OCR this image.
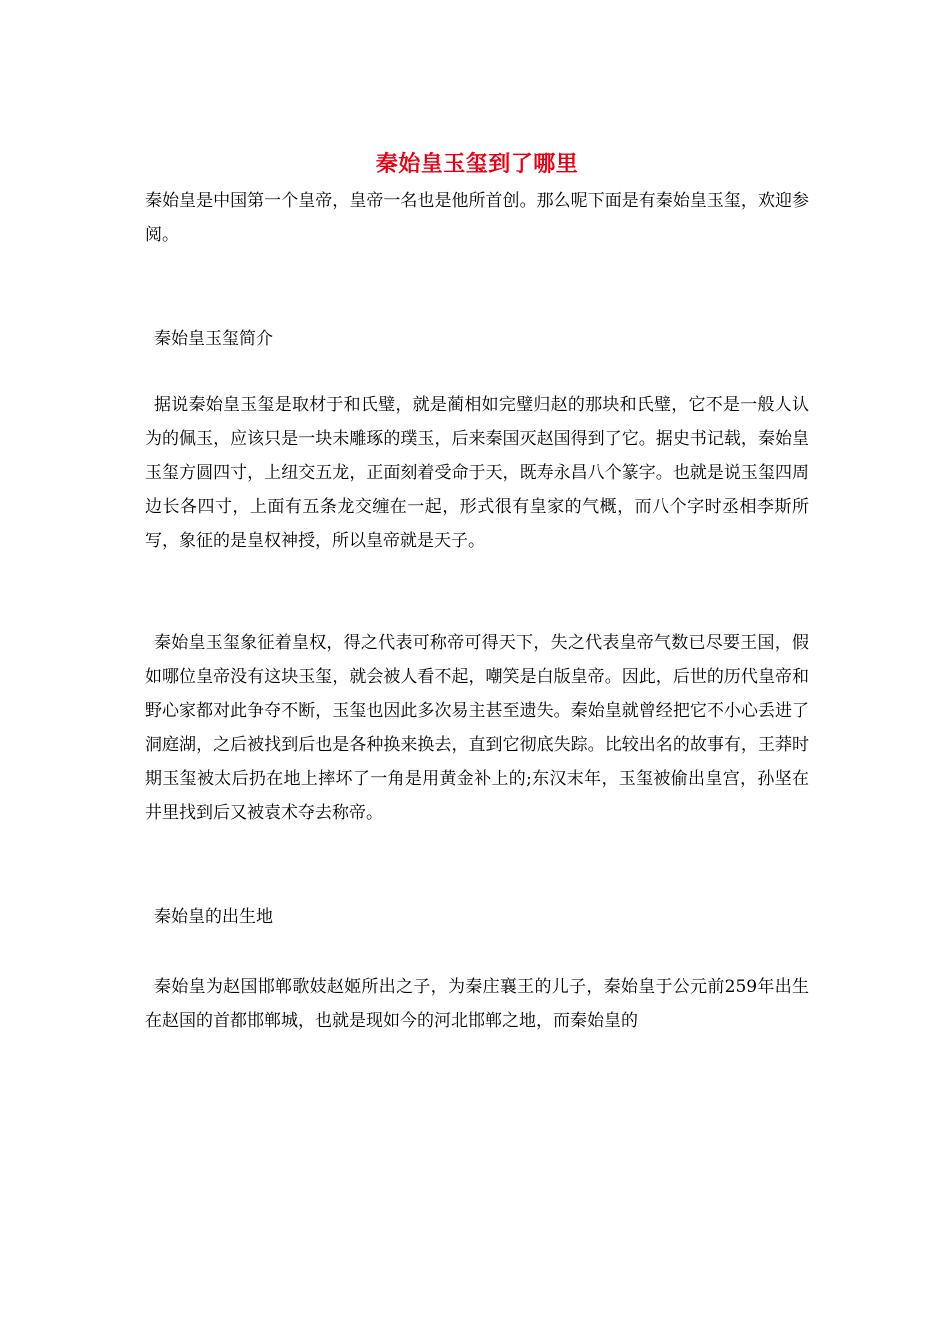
秦始皇玉玺到了哪里

秦始皇是中国第一个皇帝，皇帝一名也是他所首创。那么呢下面是有秦始皇玉玺，欢迎参阅。

秦始皇玉玺简介

据说秦始皇玉玺是取材于和氏璧，就是蔺相如完璧归赵的那块和氏璧，它不是一般人认为的佩玉，应该只是一块未雕琢的璞玉，后来秦国灭赵国得到了它。据史书记载，秦始皇玉玺方圆四寸，上纽交五龙，正面刻着受命于天，既寿永昌八个篆字。也就是说玉玺四周边长各四寸，上面有五条龙交缠在一起，形式很有皇家的气概，而八个字时丞相李斯所写，象征的是皇权神授，所以皇帝就是天子。

秦始皇玉玺象征着皇权，得之代表可称帝可得天下，失之代表皇帝气数已尽要王国，假如哪位皇帝没有这块玉玺，就会被人看不起，嘲笑是白版皇帝。因此，后世的历代皇帝和野心家都对此争夺不断，玉玺也因此多次易主甚至遗失。秦始皇就曾经把它不小心丢进了洞庭湖，之后被找到后也是各种换来换去，直到它彻底失踪。比较出名的故事有，王莽时期玉玺被太后扔在地上摔坏了一角是用黄金补上的;东汉末年，玉玺被偷出皇宫，孙坚在井里找到后又被袁术夺去称帝。

秦始皇的出生地

秦始皇为赵国邯郸歌妓赵姬所出之子，为秦庄襄王的儿子，秦始皇于公元前259年出生在赵国的首都邯郸城，也就是现如今的河北邯郸之地，而秦始皇的
